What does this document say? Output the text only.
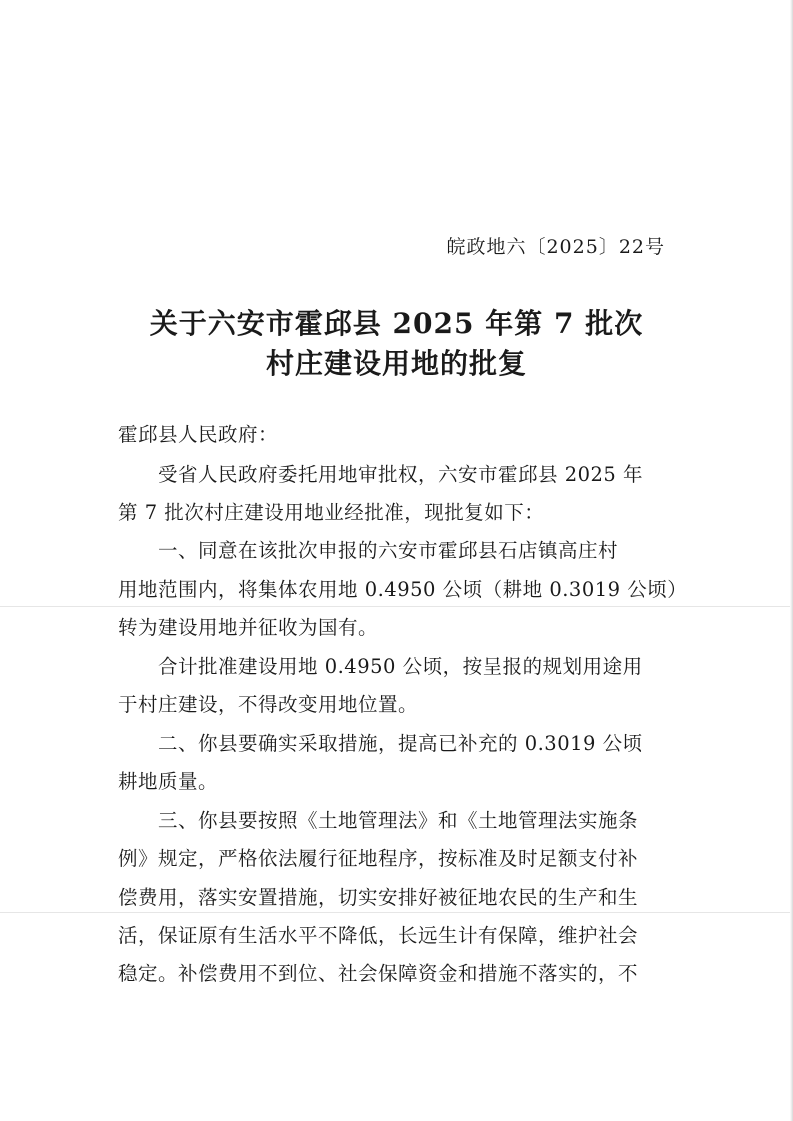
皖政地六〔2025〕22号
关于六安市霍邱县 2025 年第 7 批次
村庄建设用地的批复
霍邱县人民政府：
　　受省人民政府委托用地审批权，六安市霍邱县 2025 年
第 7 批次村庄建设用地业经批准，现批复如下：
　　一、同意在该批次申报的六安市霍邱县石店镇高庄村
用地范围内，将集体农用地 0.4950 公顷（耕地 0.3019 公顷）
转为建设用地并征收为国有。
　　合计批准建设用地 0.4950 公顷，按呈报的规划用途用
于村庄建设，不得改变用地位置。
　　二、你县要确实采取措施，提高已补充的 0.3019 公顷
耕地质量。
　　三、你县要按照《土地管理法》和《土地管理法实施条
例》规定，严格依法履行征地程序，按标准及时足额支付补
偿费用，落实安置措施，切实安排好被征地农民的生产和生
活，保证原有生活水平不降低，长远生计有保障，维护社会
稳定。补偿费用不到位、社会保障资金和措施不落实的，不
